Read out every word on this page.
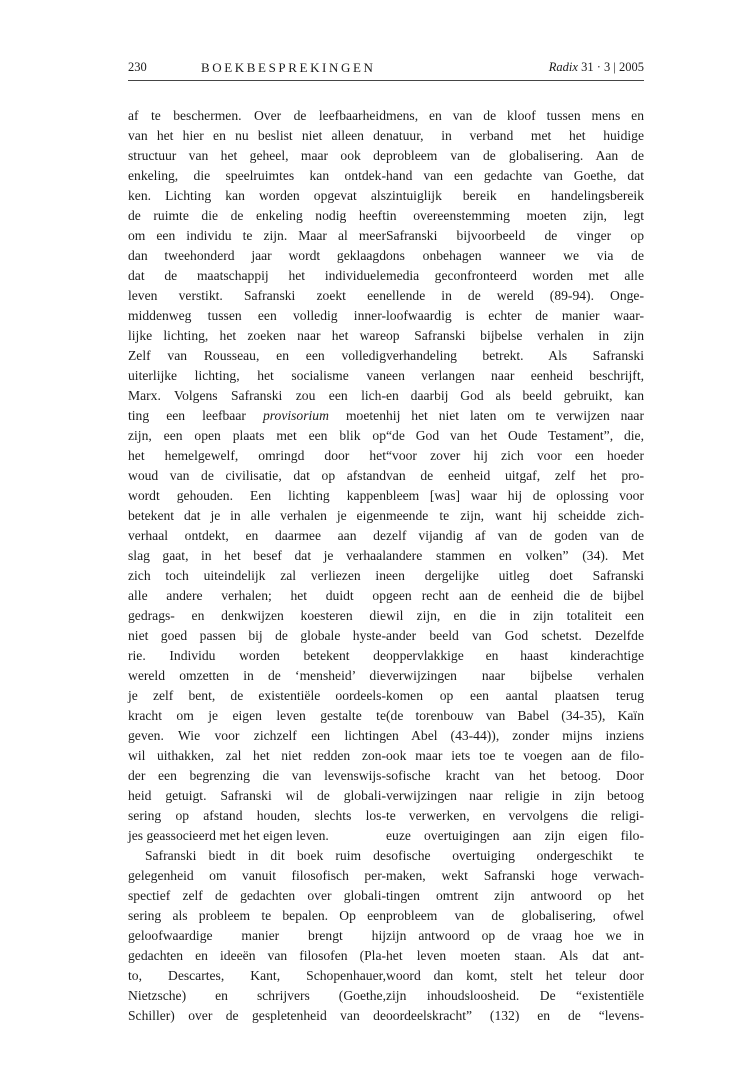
230	BOEKBESPREKINGEN	Radix 31 · 3 | 2005
af te beschermen. Over de leefbaarheid
van het hier en nu beslist niet alleen de
structuur van het geheel, maar ook de
enkeling, die speelruimtes kan ontdek-
ken. Lichting kan worden opgevat als
de ruimte die de enkeling nodig heeft
om een individu te zijn. Maar al meer
dan tweehonderd jaar wordt geklaagd
dat de maatschappij het individuele
leven verstikt. Safranski zoekt een
middenweg tussen een volledig inner-
lijke lichting, het zoeken naar het ware
Zelf van Rousseau, en een volledig
uiterlijke lichting, het socialisme van
Marx. Volgens Safranski zou een lich-
ting een leefbaar provisorium moeten
zijn, een open plaats met een blik op
het hemelgewelf, omringd door het
woud van de civilisatie, dat op afstand
wordt gehouden. Een lichting kappen
betekent dat je in alle verhalen je eigen
verhaal ontdekt, en daarmee aan de
slag gaat, in het besef dat je verhaal
zich toch uiteindelijk zal verliezen in
alle andere verhalen; het duidt op
gedrags- en denkwijzen koesteren die
niet goed passen bij de globale hyste-
rie. Individu worden betekent de
wereld omzetten in de ‘mensheid’ die
je zelf bent, de existentiële oordeels-
kracht om je eigen leven gestalte te
geven. Wie voor zichzelf een lichting
wil uithakken, zal het niet redden zon-
der een begrenzing die van levenswijs-
heid getuigt. Safranski wil de globali-
sering op afstand houden, slechts los-
jes geassocieerd met het eigen leven.
Safranski biedt in dit boek ruim de
gelegenheid om vanuit filosofisch per-
spectief zelf de gedachten over globali-
sering als probleem te bepalen. Op een
geloofwaardige manier brengt hij
gedachten en ideeën van filosofen (Pla-
to, Descartes, Kant, Schopenhauer,
Nietzsche) en schrijvers (Goethe,
Schiller) over de gespletenheid van de
mens, en van de kloof tussen mens en
natuur, in verband met het huidige
probleem van de globalisering. Aan de
hand van een gedachte van Goethe, dat
zintuiglijk bereik en handelingsbereik
in overeenstemming moeten zijn, legt
Safranski bijvoorbeeld de vinger op
ons onbehagen wanneer we via de
media geconfronteerd worden met alle
ellende in de wereld (89-94). Onge-
loofwaardig is echter de manier waar-
op Safranski bijbelse verhalen in zijn
verhandeling betrekt. Als Safranski
een verlangen naar eenheid beschrijft,
en daarbij God als beeld gebruikt, kan
hij het niet laten om te verwijzen naar
“de God van het Oude Testament”, die,
“voor zover hij zich voor een hoeder
van de eenheid uitgaf, zelf het pro-
bleem [was] waar hij de oplossing voor
meende te zijn, want hij scheidde zich-
zelf vijandig af van de goden van de
andere stammen en volken” (34). Met
een dergelijke uitleg doet Safranski
geen recht aan de eenheid die de bijbel
wil zijn, en die in zijn totaliteit een
ander beeld van God schetst. Dezelfde
oppervlakkige en haast kinderachtige
verwijzingen naar bijbelse verhalen
komen op een aantal plaatsen terug
(de torenbouw van Babel (34-35), Kaïn
en Abel (43-44)), zonder mijns inziens
ook maar iets toe te voegen aan de filo-
sofische kracht van het betoog. Door
verwijzingen naar religie in zijn betoog
te verwerken, en vervolgens die religi-
euze overtuigingen aan zijn eigen filo-
sofische overtuiging ondergeschikt te
maken, wekt Safranski hoge verwach-
tingen omtrent zijn antwoord op het
probleem van de globalisering, ofwel
zijn antwoord op de vraag hoe we in
het leven moeten staan. Als dat ant-
woord dan komt, stelt het teleur door
zijn inhoudsloosheid. De “existentiële
oordeelskracht” (132) en de “levens-
